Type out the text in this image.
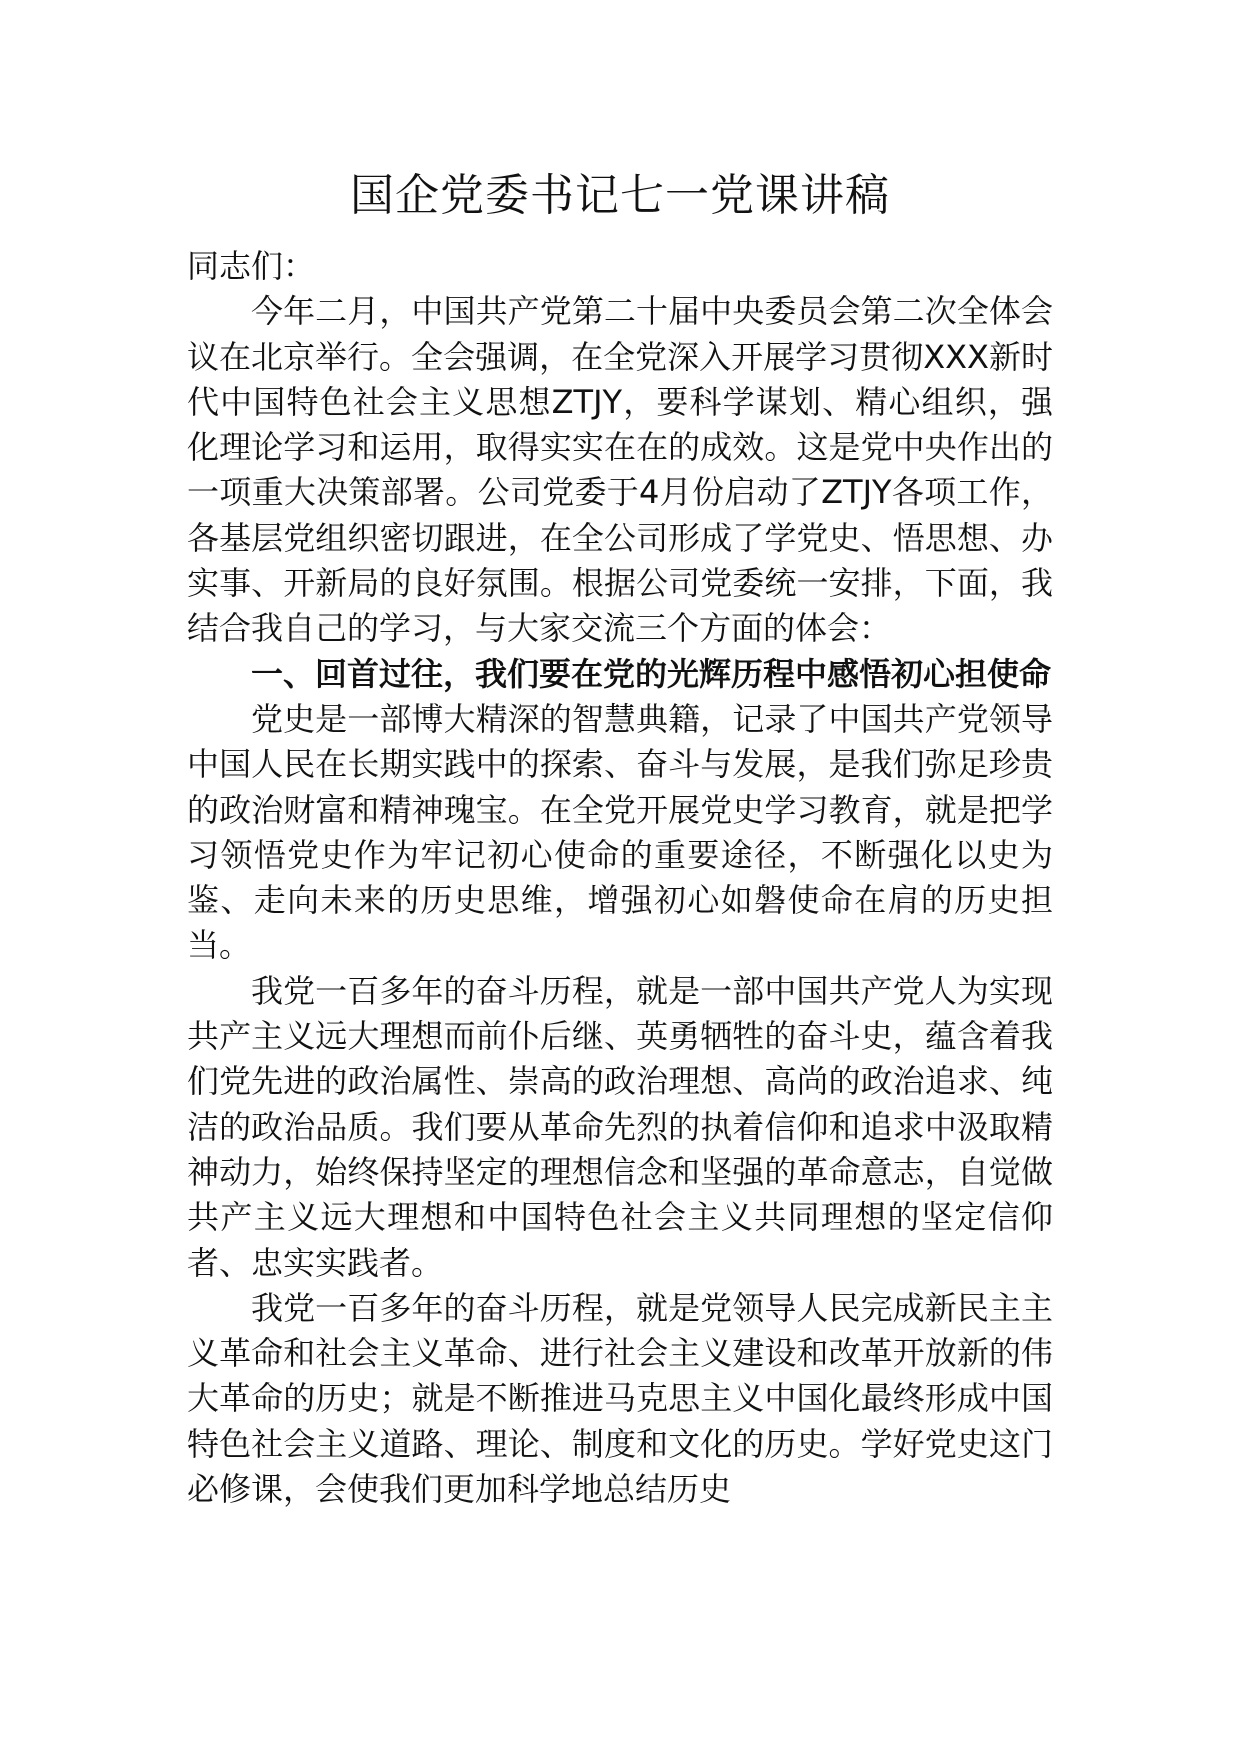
国企党委书记七一党课讲稿

同志们：

今年二月，中国共产党第二十届中央委员会第二次全体会议在北京举行。全会强调，在全党深入开展学习贯彻XXX新时代中国特色社会主义思想ZTJY，要科学谋划、精心组织，强化理论学习和运用，取得实实在在的成效。这是党中央作出的一项重大决策部署。公司党委于4月份启动了ZTJY各项工作，各基层党组织密切跟进，在全公司形成了学党史、悟思想、办实事、开新局的良好氛围。根据公司党委统一安排，下面，我结合我自己的学习，与大家交流三个方面的体会：

一、回首过往，我们要在党的光辉历程中感悟初心担使命

党史是一部博大精深的智慧典籍，记录了中国共产党领导中国人民在长期实践中的探索、奋斗与发展，是我们弥足珍贵的政治财富和精神瑰宝。在全党开展党史学习教育，就是把学习领悟党史作为牢记初心使命的重要途径，不断强化以史为鉴、走向未来的历史思维，增强初心如磐使命在肩的历史担当。

我党一百多年的奋斗历程，就是一部中国共产党人为实现共产主义远大理想而前仆后继、英勇牺牲的奋斗史，蕴含着我们党先进的政治属性、崇高的政治理想、高尚的政治追求、纯洁的政治品质。我们要从革命先烈的执着信仰和追求中汲取精神动力，始终保持坚定的理想信念和坚强的革命意志，自觉做共产主义远大理想和中国特色社会主义共同理想的坚定信仰者、忠实实践者。

我党一百多年的奋斗历程，就是党领导人民完成新民主主义革命和社会主义革命、进行社会主义建设和改革开放新的伟大革命的历史；就是不断推进马克思主义中国化最终形成中国特色社会主义道路、理论、制度和文化的历史。学好党史这门必修课，会使我们更加科学地总结历史
